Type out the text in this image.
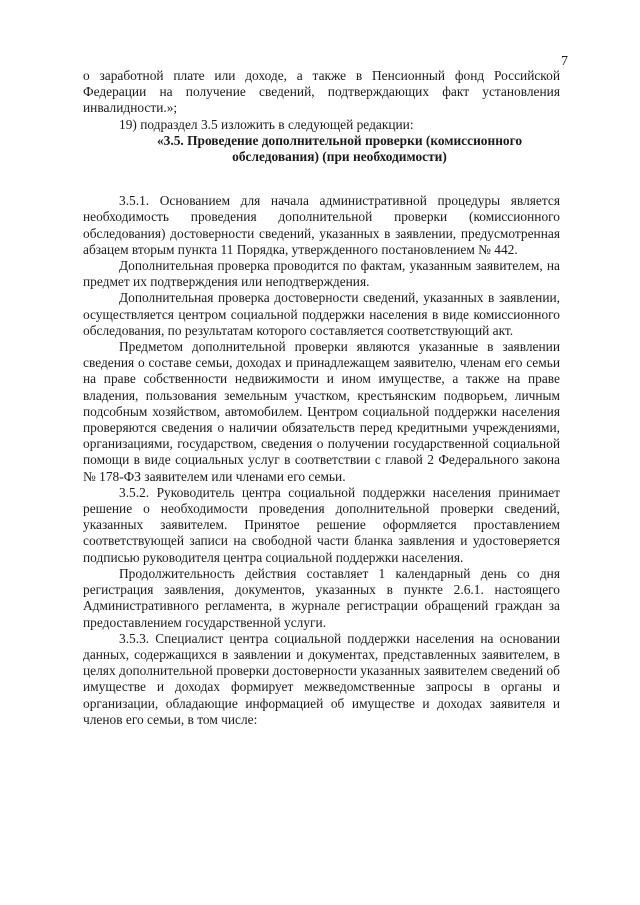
7

о заработной плате или доходе, а также в Пенсионный фонд Российской Федерации на получение сведений, подтверждающих факт установления инвалидности.»;

19) подраздел 3.5 изложить в следующей редакции:

«3.5. Проведение дополнительной проверки (комиссионного обследования) (при необходимости)

3.5.1. Основанием для начала административной процедуры является необходимость проведения дополнительной проверки (комиссионного обследования) достоверности сведений, указанных в заявлении, предусмотренная абзацем вторым пункта 11 Порядка, утвержденного постановлением № 442.

Дополнительная проверка проводится по фактам, указанным заявителем, на предмет их подтверждения или неподтверждения.

Дополнительная проверка достоверности сведений, указанных в заявлении, осуществляется центром социальной поддержки населения в виде комиссионного обследования, по результатам которого составляется соответствующий акт.

Предметом дополнительной проверки являются указанные в заявлении сведения о составе семьи, доходах и принадлежащем заявителю, членам его семьи на праве собственности недвижимости и ином имуществе, а также на праве владения, пользования земельным участком, крестьянским подворьем, личным подсобным хозяйством, автомобилем. Центром социальной поддержки населения проверяются сведения о наличии обязательств перед кредитными учреждениями, организациями, государством, сведения о получении государственной социальной помощи в виде социальных услуг в соответствии с главой 2 Федерального закона № 178-ФЗ заявителем или членами его семьи.

3.5.2. Руководитель центра социальной поддержки населения принимает решение о необходимости проведения дополнительной проверки сведений, указанных заявителем. Принятое решение оформляется проставлением соответствующей записи на свободной части бланка заявления и удостоверяется подписью руководителя центра социальной поддержки населения.

Продолжительность действия составляет 1 календарный день со дня регистрация заявления, документов, указанных в пункте 2.6.1. настоящего Административного регламента, в журнале регистрации обращений граждан за предоставлением государственной услуги.

3.5.3. Специалист центра социальной поддержки населения на основании данных, содержащихся в заявлении и документах, представленных заявителем, в целях дополнительной проверки достоверности указанных заявителем сведений об имуществе и доходах формирует межведомственные запросы в органы и организации, обладающие информацией об имуществе и доходах заявителя и членов его семьи, в том числе:
